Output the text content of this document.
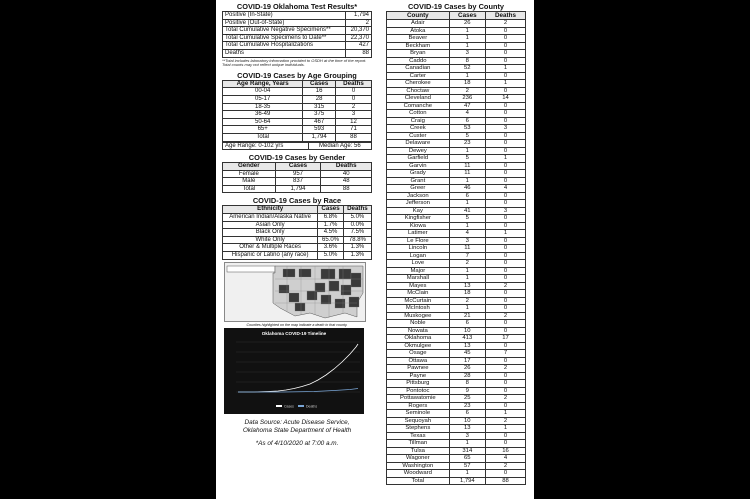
COVID-19 Oklahoma Test Results*
Positive (In-State)	1,794
Positive (Out-of-State)	2
Total Cumulative Negative Specimens**	20,370
Total Cumulative Specimens to Date**	22,370
Total Cumulative Hospitalizations	427
Deaths	88
**Total includes laboratory information provided to OSDH at the time of the report. Total counts may not reflect unique individuals.
COVID-19 Cases by Age Grouping
Age Range, Years	Cases	Deaths
00-04	16	0
05-17	28	0
18-35	315	2
36-49	375	3
50-64	467	12
65+	593	71
Total	1,794	88
Age Range: 0-102 yrs	Median Age: 56
COVID-19 Cases by Gender
Gender	Cases	Deaths
Female	957	40
Male	837	48
Total	1,794	88
COVID-19 Cases by Race
Ethnicity	Cases	Deaths
American Indian/Alaska Native	6.8%	5.0%
Asian Only	1.7%	0.0%
Black Only	4.5%	7.5%
White Only	65.0%	78.8%
Other & Multiple Races	3.6%	1.3%
Hispanic or Latino (any race)	5.0%	1.3%
Counties highlighted on the map indicate a death in that county.
Oklahoma COVID-19 Timeline
Cases	Deaths
Data Source: Acute Disease Service,
Oklahoma State Department of Health
*As of 4/10/2020 at 7:00 a.m.
COVID-19 Cases by County
County	Cases	Deaths
Adair	26	2
Atoka	1	0
Beaver	1	0
Beckham	1	0
Bryan	3	0
Caddo	8	0
Canadian	52	1
Carter	1	0
Cherokee	18	1
Choctaw	2	0
Cleveland	236	14
Comanche	47	0
Cotton	4	0
Craig	6	0
Creek	53	3
Custer	5	0
Delaware	23	0
Dewey	1	0
Garfield	5	1
Garvin	11	0
Grady	11	0
Grant	1	0
Greer	46	4
Jackson	6	0
Jefferson	1	0
Kay	41	3
Kingfisher	5	0
Kiowa	1	0
Latimer	4	1
Le Flore	3	0
Lincoln	11	0
Logan	7	0
Love	2	0
Major	1	0
Marshall	1	0
Mayes	13	2
McClain	18	0
McCurtain	2	0
McIntosh	1	0
Muskogee	21	2
Noble	6	0
Nowata	10	0
Oklahoma	413	17
Okmulgee	13	0
Osage	45	7
Ottawa	17	0
Pawnee	26	2
Payne	28	0
Pittsburg	8	0
Pontotoc	9	0
Pottawatomie	25	2
Rogers	23	0
Seminole	6	1
Sequoyah	10	2
Stephens	13	1
Texas	3	0
Tillman	1	0
Tulsa	314	16
Wagoner	65	4
Washington	57	2
Woodward	1	0
Total	1,794	88
